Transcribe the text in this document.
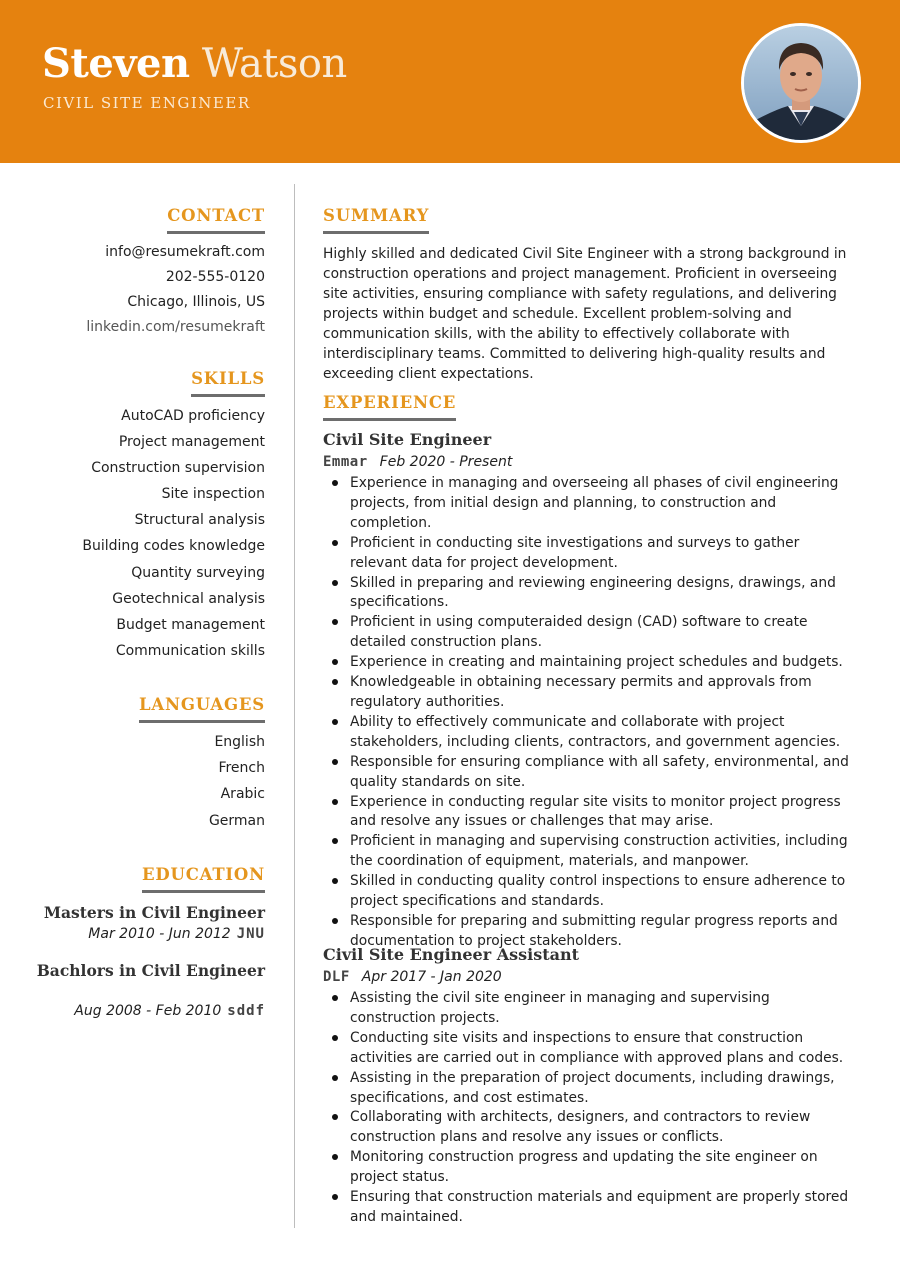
Steven Watson
CIVIL SITE ENGINEER
CONTACT
info@resumekraft.com
202-555-0120
Chicago, Illinois, US
linkedin.com/resumekraft
SKILLS
AutoCAD proficiency
Project management
Construction supervision
Site inspection
Structural analysis
Building codes knowledge
Quantity surveying
Geotechnical analysis
Budget management
Communication skills
LANGUAGES
English
French
Arabic
German
EDUCATION
Masters in Civil Engineer
Mar 2010 - Jun 2012 JNU
Bachlors in Civil Engineer
Aug 2008 - Feb 2010 sddf
SUMMARY
Highly skilled and dedicated Civil Site Engineer with a strong background in construction operations and project management. Proficient in overseeing site activities, ensuring compliance with safety regulations, and delivering projects within budget and schedule. Excellent problem-solving and communication skills, with the ability to effectively collaborate with interdisciplinary teams. Committed to delivering high-quality results and exceeding client expectations.
EXPERIENCE
Civil Site Engineer
Emmar Feb 2020 - Present
Experience in managing and overseeing all phases of civil engineering projects, from initial design and planning, to construction and completion.
Proficient in conducting site investigations and surveys to gather relevant data for project development.
Skilled in preparing and reviewing engineering designs, drawings, and specifications.
Proficient in using computeraided design (CAD) software to create detailed construction plans.
Experience in creating and maintaining project schedules and budgets.
Knowledgeable in obtaining necessary permits and approvals from regulatory authorities.
Ability to effectively communicate and collaborate with project stakeholders, including clients, contractors, and government agencies.
Responsible for ensuring compliance with all safety, environmental, and quality standards on site.
Experience in conducting regular site visits to monitor project progress and resolve any issues or challenges that may arise.
Proficient in managing and supervising construction activities, including the coordination of equipment, materials, and manpower.
Skilled in conducting quality control inspections to ensure adherence to project specifications and standards.
Responsible for preparing and submitting regular progress reports and documentation to project stakeholders.
Civil Site Engineer Assistant
DLF Apr 2017 - Jan 2020
Assisting the civil site engineer in managing and supervising construction projects.
Conducting site visits and inspections to ensure that construction activities are carried out in compliance with approved plans and codes.
Assisting in the preparation of project documents, including drawings, specifications, and cost estimates.
Collaborating with architects, designers, and contractors to review construction plans and resolve any issues or conflicts.
Monitoring construction progress and updating the site engineer on project status.
Ensuring that construction materials and equipment are properly stored and maintained.
